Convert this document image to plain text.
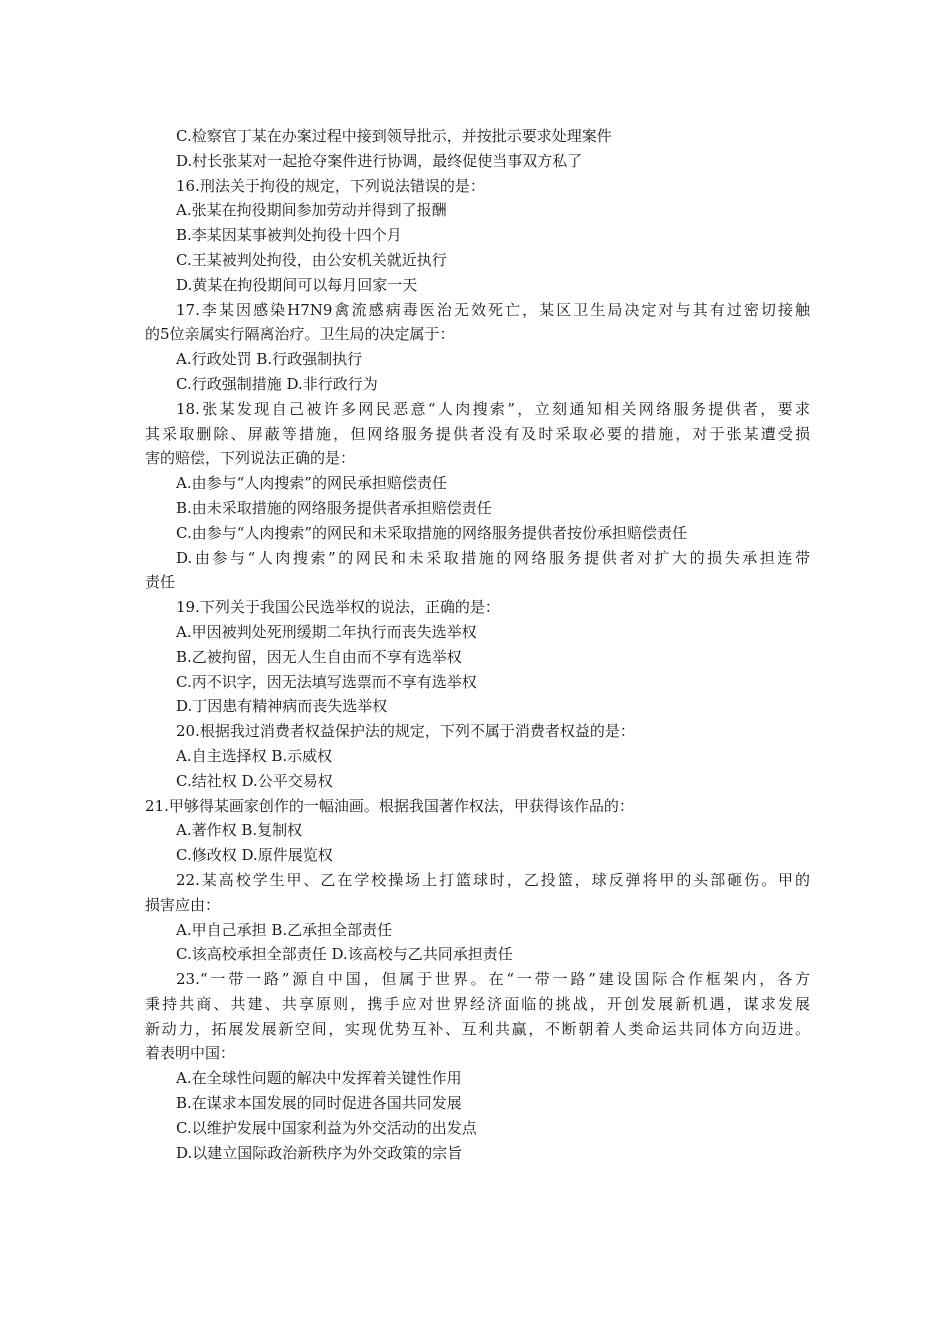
C.检察官丁某在办案过程中接到领导批示，并按批示要求处理案件
D.村长张某对一起抢夺案件进行协调，最终促使当事双方私了
16.刑法关于拘役的规定，下列说法错误的是：
A.张某在拘役期间参加劳动并得到了报酬
B.李某因某事被判处拘役十四个月
C.王某被判处拘役，由公安机关就近执行
D.黄某在拘役期间可以每月回家一天
17.李某因感染H7N9禽流感病毒医治无效死亡，某区卫生局决定对与其有过密切接触
的5位亲属实行隔离治疗。卫生局的决定属于：
A.行政处罚 B.行政强制执行
C.行政强制措施 D.非行政行为
18.张某发现自己被许多网民恶意“人肉搜索”，立刻通知相关网络服务提供者，要求
其采取删除、屏蔽等措施，但网络服务提供者没有及时采取必要的措施，对于张某遭受损
害的赔偿，下列说法正确的是：
A.由参与“人肉搜索”的网民承担赔偿责任
B.由未采取措施的网络服务提供者承担赔偿责任
C.由参与“人肉搜索”的网民和未采取措施的网络服务提供者按份承担赔偿责任
D.由参与“人肉搜索”的网民和未采取措施的网络服务提供者对扩大的损失承担连带
责任
19.下列关于我国公民选举权的说法，正确的是：
A.甲因被判处死刑缓期二年执行而丧失选举权
B.乙被拘留，因无人生自由而不享有选举权
C.丙不识字，因无法填写选票而不享有选举权
D.丁因患有精神病而丧失选举权
20.根据我过消费者权益保护法的规定，下列不属于消费者权益的是：
A.自主选择权 B.示威权
C.结社权 D.公平交易权
21.甲够得某画家创作的一幅油画。根据我国著作权法，甲获得该作品的：
A.著作权 B.复制权
C.修改权 D.原件展览权
22.某高校学生甲、乙在学校操场上打篮球时，乙投篮，球反弹将甲的头部砸伤。甲的
损害应由：
A.甲自己承担 B.乙承担全部责任
C.该高校承担全部责任 D.该高校与乙共同承担责任
23.“一带一路”源自中国，但属于世界。在“一带一路”建设国际合作框架内，各方
秉持共商、共建、共享原则，携手应对世界经济面临的挑战，开创发展新机遇，谋求发展
新动力，拓展发展新空间，实现优势互补、互利共赢，不断朝着人类命运共同体方向迈进。
着表明中国：
A.在全球性问题的解决中发挥着关键性作用
B.在谋求本国发展的同时促进各国共同发展
C.以维护发展中国家利益为外交活动的出发点
D.以建立国际政治新秩序为外交政策的宗旨
